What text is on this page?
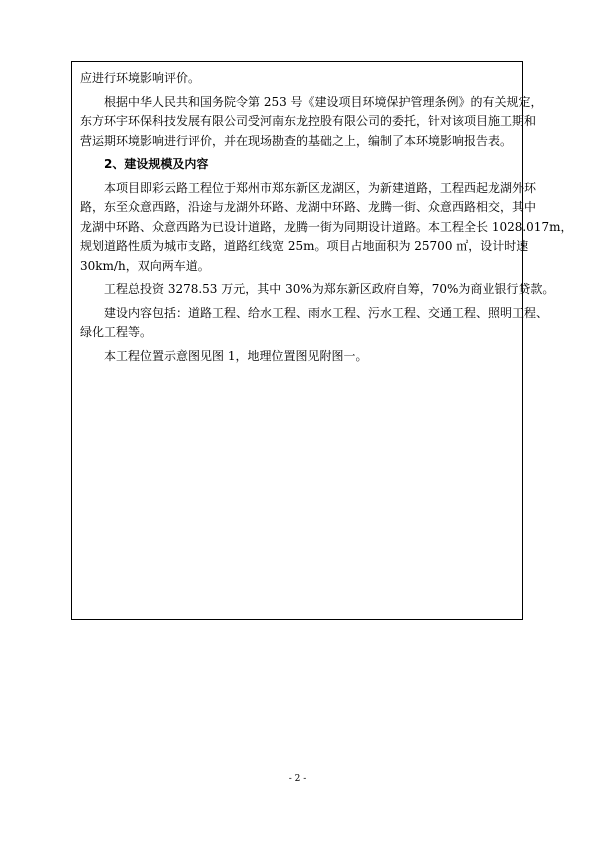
应进行环境影响评价。
根据中华人民共和国务院令第 253 号《建设项目环境保护管理条例》的有关规定，
东方环宇环保科技发展有限公司受河南东龙控股有限公司的委托，针对该项目施工期和
营运期环境影响进行评价，并在现场勘查的基础之上，编制了本环境影响报告表。
2、建设规模及内容
本项目即彩云路工程位于郑州市郑东新区龙湖区，为新建道路，工程西起龙湖外环
路，东至众意西路，沿途与龙湖外环路、龙湖中环路、龙腾一街、众意西路相交，其中
龙湖中环路、众意西路为已设计道路，龙腾一街为同期设计道路。本工程全长 1028.017m，
规划道路性质为城市支路，道路红线宽 25m。项目占地面积为 25700 ㎡，设计时速
30km/h，双向两车道。
工程总投资 3278.53 万元，其中 30%为郑东新区政府自筹，70%为商业银行贷款。
建设内容包括：道路工程、给水工程、雨水工程、污水工程、交通工程、照明工程、
绿化工程等。
本工程位置示意图见图 1，地理位置图见附图一。
- 2 -
